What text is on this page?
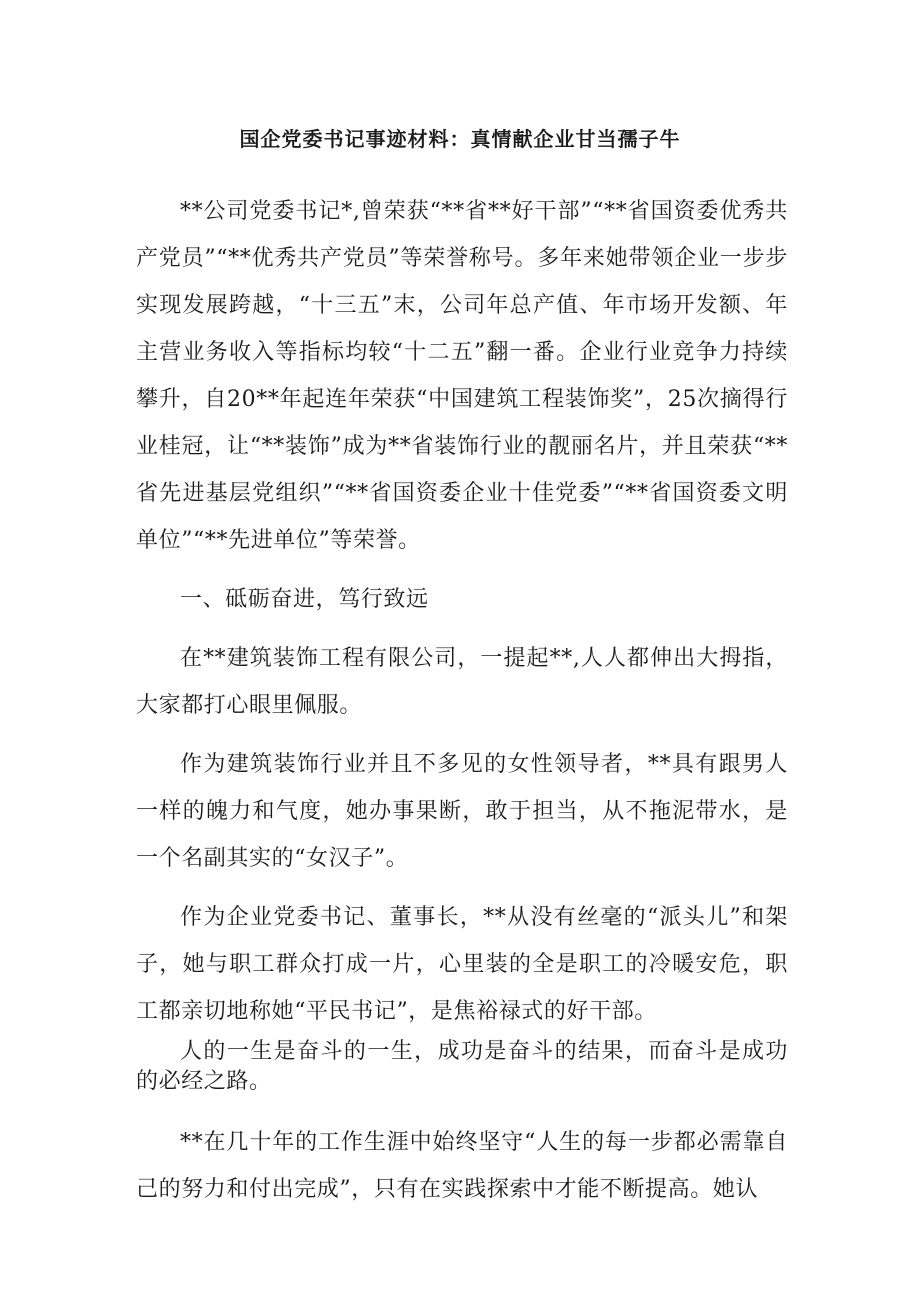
国企党委书记事迹材料：真情献企业甘当孺子牛

**公司党委书记*,曾荣获“**省**好干部”“**省国资委优秀共产党员”“**优秀共产党员”等荣誉称号。多年来她带领企业一步步实现发展跨越，“十三五”末，公司年总产值、年市场开发额、年主营业务收入等指标均较“十二五”翻一番。企业行业竞争力持续攀升，自20**年起连年荣获“中国建筑工程装饰奖”，25次摘得行业桂冠，让“**装饰”成为**省装饰行业的靓丽名片，并且荣获“**省先进基层党组织”“**省国资委企业十佳党委”“**省国资委文明单位”“**先进单位”等荣誉。

一、砥砺奋进，笃行致远

在**建筑装饰工程有限公司，一提起**,人人都伸出大拇指，大家都打心眼里佩服。

作为建筑装饰行业并且不多见的女性领导者，**具有跟男人一样的魄力和气度，她办事果断，敢于担当，从不拖泥带水，是一个名副其实的“女汉子”。

作为企业党委书记、董事长，**从没有丝毫的“派头儿”和架子，她与职工群众打成一片，心里装的全是职工的冷暖安危，职工都亲切地称她“平民书记”，是焦裕禄式的好干部。

人的一生是奋斗的一生，成功是奋斗的结果，而奋斗是成功的必经之路。

**在几十年的工作生涯中始终坚守“人生的每一步都必需靠自己的努力和付出完成”，只有在实践探索中才能不断提高。她认
